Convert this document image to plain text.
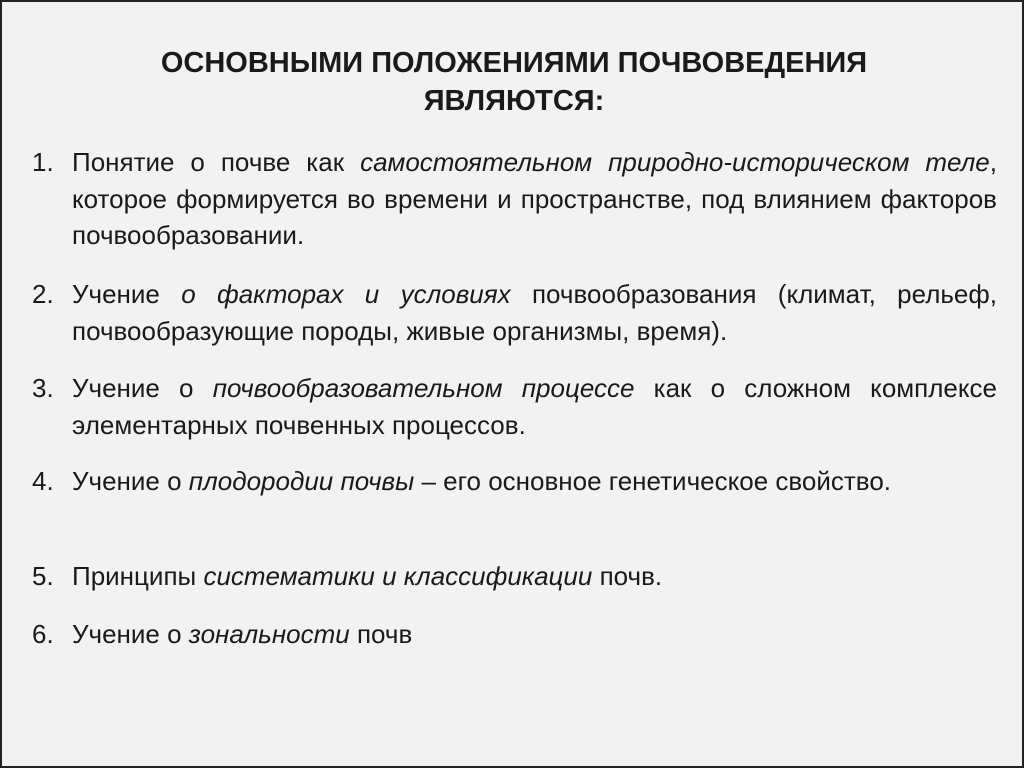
ОСНОВНЫМИ ПОЛОЖЕНИЯМИ ПОЧВОВЕДЕНИЯ
ЯВЛЯЮТСЯ:
1. Понятие о почве как самостоятельном природно-историческом теле, которое формируется во времени и пространстве, под влиянием факторов почвообразовании.
2. Учение о факторах и условиях почвообразования (климат, рельеф, почвообразующие породы, живые организмы, время).
3. Учение о почвообразовательном процессе как о сложном комплексе элементарных почвенных процессов.
4. Учение о плодородии почвы – его основное генетическое свойство.
5. Принципы систематики и классификации почв.
6. Учение о зональности почв
